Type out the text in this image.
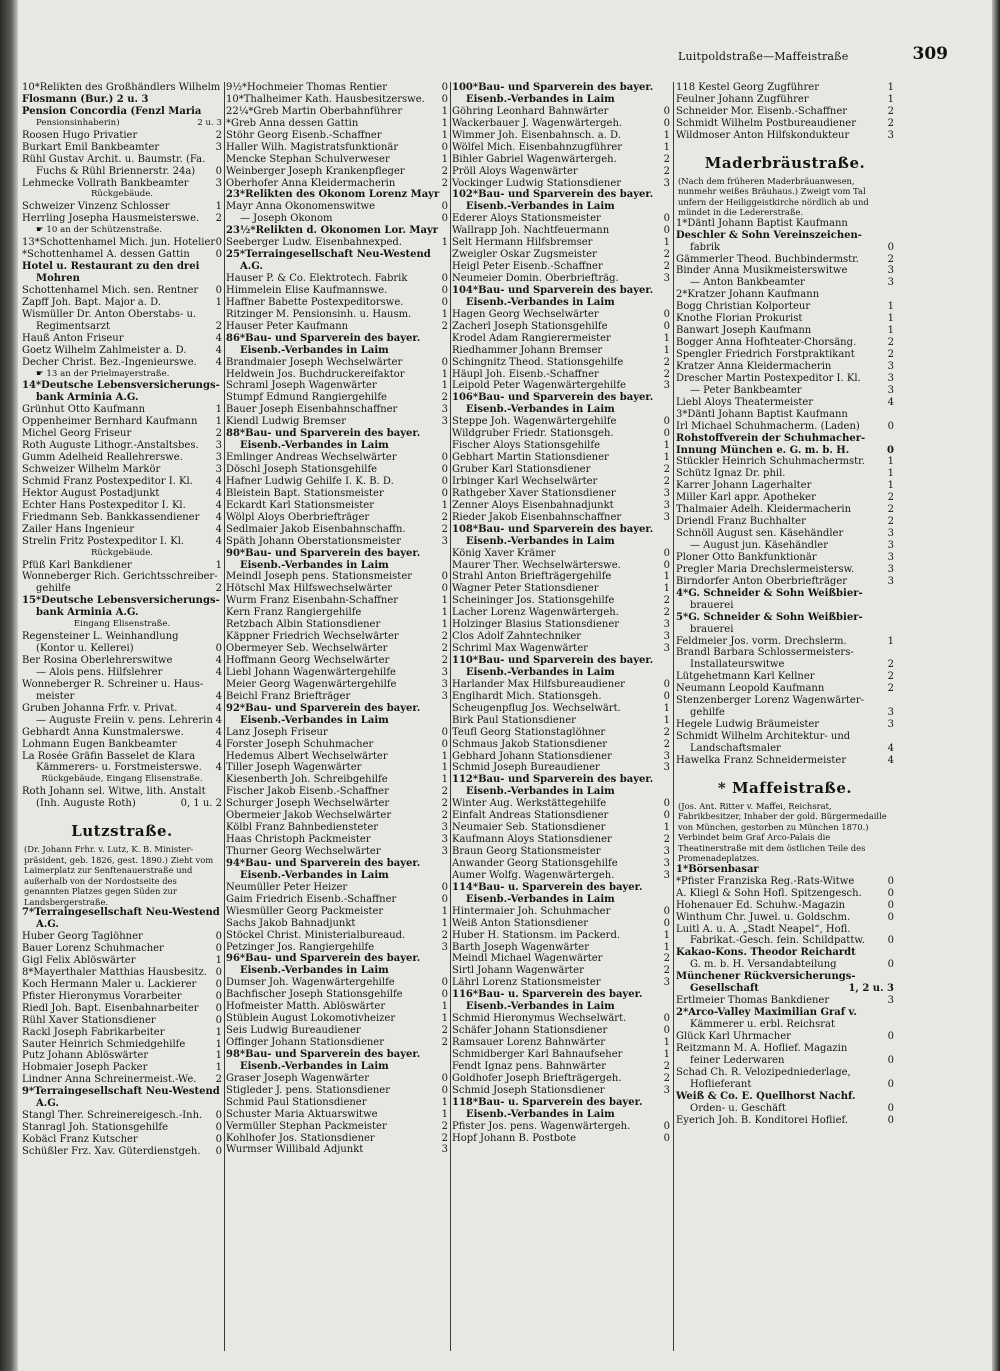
Luitpoldstraße—Maffeistraße	309
10*Relikten des Großhändlers Wilhelm
Flosmann (Bur.) 2 u. 3
Pension Concordia (Fenzl Maria
Pensionsinhaberin)	2 u. 3
Roosen Hugo Privatier	2
Burkart Emil Bankbeamter	3
Rühl Gustav Archit. u. Baumstr. (Fa.
Fuchs & Rühl Briennerstr. 24a) 0
Lehmecke Vollrath Bankbeamter	3
Rückgebäude.
Schweizer Vinzenz Schlosser	1
Herrling Josepha Hausmeisterswe. 2
☛ 10 an der Schützenstraße.
13*Schottenhamel Mich. jun. Hotelier 0
*Schottenhamel A. dessen Gattin	0
Hotel u. Restaurant zu den drei
Mohren
Schottenhamel Mich. sen. Rentner 0
Zapff Joh. Bapt. Major a. D.	1
Wismüller Dr. Anton Oberstabs- u.
Regimentsarzt	2
Hauß Anton Friseur	4
Goetz Wilhelm Zahlmeister a. D.	4
Decher Christ. Bez.-Ingenieurswe. 4
☛ 13 an der Prielmayerstraße.
14*Deutsche Lebensversicherungs-
bank Arminia A.G.
Grünhut Otto Kaufmann	1
Oppenheimer Bernhard Kaufmann 1
Michel Georg Friseur	2
Roth Auguste Lithogr.-Anstaltsbes. 3
Gumm Adelheid Reallehrerswe.	3
Schweizer Wilhelm Markör	3
Schmid Franz Postexpeditor I. Kl. 4
Hektor August Postadjunkt	4
Echter Hans Postexpeditor I. Kl.	4
Friedmann Seb. Bankkassendiener 4
Zailer Hans Ingenieur	4
Strelin Fritz Postexpeditor I. Kl.	4
Rückgebäude.
Pfüß Karl Bankdiener	1
Wonneberger Rich. Gerichtsschreiber-
gehilfe	2
15*Deutsche Lebensversicherungs-
bank Arminia A.G.
Eingang Elisenstraße.
Regensteiner L. Weinhandlung
(Kontor u. Kellerei)	0
Ber Rosina Oberlehrerswitwe	4
— Alois pens. Hilfslehrer	4
Wonneberger R. Schreiner u. Haus-
meister	4
Gruben Johanna Frfr. v. Privat.	4
— Auguste Freiin v. pens. Lehrerin 4
Gebhardt Anna Kunstmalerswe.	4
Lohmann Eugen Bankbeamter	4
La Rosée Gräfin Basselet de Klara
Kämmerers- u. Forstmeisterswe. 4
Rückgebäude, Eingang Elisenstraße.
Roth Johann sel. Witwe, lith. Anstalt
(Inh. Auguste Roth)	0, 1 u. 2
Lutzstraße.
(Dr. Johann Frhr. v. Lutz, K. B. Minister-präsident, geb. 1826, gest. 1890.) Zieht vom Laimerplatz zur Senftenauerstraße und außerhalb von der Nordostseite des genannten Platzes gegen Süden zur Landsbergerstraße.
7*Terraingesellschaft Neu-Westend
A.G.
Huber Georg Taglöhner	0
Bauer Lorenz Schuhmacher	0
Gigl Felix Ablöswärter	1
8*Mayerthaler Matthias Hausbesitz. 0
Koch Hermann Maler u. Lackierer 0
Pfister Hieronymus Vorarbeiter	0
Riedl Joh. Bapt. Eisenbahnarbeiter 0
Rühl Xaver Stationsdiener	0
Rackl Joseph Fabrikarbeiter	1
Sauter Heinrich Schmiedgehilfe	1
Putz Johann Ablöswärter	1
Hobmaier Joseph Packer	1
Lindner Anna Schreinermeist.-We. 2
9*Terraingesellschaft Neu-Westend
A.G.
Stangl Ther. Schreinereigesch.-Inh. 0
Stanragl Joh. Stationsgehilfe	0
Kobäcl Franz Kutscher	0
Schüßler Frz. Xav. Güterdienstgeh. 0
9½*Hochmeier Thomas Rentier	0
10*Thalheimer Kath. Hausbesitzerswe. 0
22¼*Greb Martin Oberbahnführer	1
*Greb Anna dessen Gattin	1
Stöhr Georg Eisenb.-Schaffner	1
Haller Wilh. Magistratsfunktionär	0
Mencke Stephan Schulverweser	1
Weinberger Joseph Krankenpfleger	2
Oberhofer Anna Kleidermacherin	2
23*Relikten des Ökonom Lorenz Mayr
Mayr Anna Ökonomenswitwe	0
— Joseph Ökonom	0
23½*Relikten d. Ökonomen Lor. Mayr
Seeberger Ludw. Eisenbahnexped.	1
25*Terraingesellschaft Neu-Westend
A.G.
Hauser P. & Co. Elektrotech. Fabrik	0
Himmelein Elise Kaufmannswe.	0
Haffner Babette Postexpeditorswe.	0
Ritzinger M. Pensionsinh. u. Hausm.	1
Hauser Peter Kaufmann	2
86*Bau- und Sparverein des bayer.
Eisenb.-Verbandes in Laim
Brandmaier Joseph Wechselwärter	0
Heldwein Jos. Buchdruckereifaktor	1
Schraml Joseph Wagenwärter	1
Stumpf Edmund Rangiergehilfe	2
Bauer Joseph Eisenbahnschaffner	3
Kiendl Ludwig Bremser	3
88*Bau- und Sparverein des bayer.
Eisenb.-Verbandes in Laim
Emlinger Andreas Wechselwärter	0
Döschl Joseph Stationsgehilfe	0
Hafner Ludwig Gehilfe I. K. B. D.	0
Bleistein Bapt. Stationsmeister	0
Eckardt Karl Stationsmeister	1
Wölpl Aloys Oberbriefträger	2
Sedlmaier Jakob Eisenbahnschaffn.	2
Späth Johann Oberstationsmeister	3
90*Bau- und Sparverein des bayer.
Eisenb.-Verbandes in Laim
Meindl Joseph pens. Stationsmeister	0
Hötschl Max Hilfswechselwärter	0
Wurm Franz Eisenbahn-Schaffner	1
Kern Franz Rangiergehilfe	1
Retzbach Albin Stationsdiener	1
Käppner Friedrich Wechselwärter	2
Obermeyer Seb. Wechselwärter	2
Hoffmann Georg Wechselwärter	2
Liebl Johann Wagenwärtergehilfe	3
Meier Georg Wagenwärtergehilfe	3
Beichl Franz Briefträger	3
92*Bau- und Sparverein des bayer.
Eisenb.-Verbandes in Laim
Lanz Joseph Friseur	0
Forster Joseph Schuhmacher	0
Hedemus Albert Wechselwärter	1
Tiller Joseph Wagenwärter	1
Kiesenberth Joh. Schreibgehilfe	1
Fischer Jakob Eisenb.-Schaffner	2
Schurger Joseph Wechselwärter	2
Obermeier Jakob Wechselwärter	2
Kölbl Franz Bahnbediensteter	3
Haas Christoph Packmeister	3
Thurner Georg Wechselwärter	3
94*Bau- und Sparverein des bayer.
Eisenb.-Verbandes in Laim
Neumüller Peter Heizer	0
Gaim Friedrich Eisenb.-Schaffner	0
Wiesmüller Georg Packmeister	1
Sachs Jakob Bahnadjunkt	1
Stöckel Christ. Ministerialbureaud.	2
Petzinger Jos. Rangiergehilfe	3
96*Bau- und Sparverein des bayer.
Eisenb.-Verbandes in Laim
Dumser Joh. Wagenwärtergehilfe	0
Bachfischer Joseph Stationsgehilfe	0
Hofmeister Matth. Ablöswärter	1
Stüblein August Lokomotivheizer	1
Seis Ludwig Bureaudiener	2
Offinger Johann Stationsdiener	2
98*Bau- und Sparverein des bayer.
Eisenb.-Verbandes in Laim
Graser Joseph Wagenwärter	0
Stigleder J. pens. Stationsdiener	0
Schmid Paul Stationsdiener	1
Schuster Maria Aktuarswitwe	1
Vermüller Stephan Packmeister	2
Kohlhofer Jos. Stationsdiener	2
Wurmser Willibald Adjunkt	3
100*Bau- und Sparverein des bayer.
Eisenb.-Verbandes in Laim
Göhring Leonhard Bahnwärter	0
Wackerbauer J. Wagenwärtergeh.	0
Wimmer Joh. Eisenbahnsch. a. D.	1
Wölfel Mich. Eisenbahnzugführer	1
Bihler Gabriel Wagenwärtergeh.	2
Pröll Aloys Wagenwärter	2
Vockinger Ludwig Stationsdiener	3
102*Bau- und Sparverein des bayer.
Eisenb.-Verbandes in Laim
Ederer Aloys Stationsmeister	0
Wallrapp Joh. Nachtfeuermann	0
Selt Hermann Hilfsbremser	1
Zweigler Oskar Zugsmeister	2
Heigl Peter Eisenb.-Schaffner	2
Neumeier Domin. Oberbriefträg.	3
104*Bau- und Sparverein des bayer.
Eisenb.-Verbandes in Laim
Hagen Georg Wechselwärter	0
Zacherl Joseph Stationsgehilfe	0
Krodel Adam Rangierermeister	1
Riedhammer Johann Bremser	1
Schingnitz Theod. Stationsgehilfe	2
Häupl Joh. Eisenb.-Schaffner	2
Leipold Peter Wagenwärtergehilfe	3
106*Bau- und Sparverein des bayer.
Eisenb.-Verbandes in Laim
Steppe Joh. Wagenwärtergehilfe	0
Wildgruber Friedr. Stationsgeh.	0
Fischer Aloys Stationsgehilfe	1
Gebhart Martin Stationsdiener	1
Gruber Karl Stationsdiener	2
Irbinger Karl Wechselwärter	2
Rathgeber Xaver Stationsdiener	3
Zenner Aloys Eisenbahnadjunkt	3
Rieder Jakob Eisenbahnschaffner	3
108*Bau- und Sparverein des bayer.
Eisenb.-Verbandes in Laim
König Xaver Krämer	0
Maurer Ther. Wechselwärterswe.	0
Strahl Anton Briefträgergehilfe	1
Wagner Peter Stationsdiener	1
Scheininger Jos. Stationsgehilfe	2
Lacher Lorenz Wagenwärtergeh.	2
Holzinger Blasius Stationsdiener	3
Clos Adolf Zahntechniker	3
Schriml Max Wagenwärter	3
110*Bau- und Sparverein des bayer.
Eisenb.-Verbandes in Laim
Harlander Max Hilfsbureaudiener	0
Englhardt Mich. Stationsgeh.	0
Scheugenpflug Jos. Wechselwärt.	1
Birk Paul Stationsdiener	1
Teufl Georg Stationstaglöhner	2
Schmaus Jakob Stationsdiener	2
Gebhard Johann Stationsdiener	3
Schmid Joseph Bureaudiener	3
112*Bau- und Sparverein des bayer.
Eisenb.-Verbandes in Laim
Winter Aug. Werkstättegehilfe	0
Einfalt Andreas Stationsdiener	0
Neumaier Seb. Stationsdiener	1
Kaufmann Aloys Stationsdiener	2
Braun Georg Stationsmeister	3
Anwander Georg Stationsgehilfe	3
Aumer Wolfg. Wagenwärtergeh.	3
114*Bau- u. Sparverein des bayer.
Eisenb.-Verbandes in Laim
Hintermaier Joh. Schuhmacher	0
Weiß Anton Stationsdiener	0
Huber H. Stationsm. im Packerd.	1
Barth Joseph Wagenwärter	1
Meindl Michael Wagenwärter	2
Sirtl Johann Wagenwärter	2
Lährl Lorenz Stationsmeister	3
116*Bau- u. Sparverein des bayer.
Eisenb.-Verbandes in Laim
Schmid Hieronymus Wechselwärt.	0
Schäfer Johann Stationsdiener	0
Ramsauer Lorenz Bahnwärter	1
Schmidberger Karl Bahnaufseher	1
Fendt Ignaz pens. Bahnwärter	2
Goldhofer Joseph Briefträgergeh.	2
Schmid Joseph Stationsdiener	3
118*Bau- u. Sparverein des bayer.
Eisenb.-Verbandes in Laim
Pfister Jos. pens. Wagenwärtergeh.	0
Hopf Johann B. Postbote	0
118 Kestel Georg Zugführer	1
Feulner Johann Zugführer	1
Schneider Mor. Eisenb.-Schaffner	2
Schmidt Wilhelm Postbureaudiener	2
Wildmoser Anton Hilfskondukteur	3
Maderbräustraße.
(Nach dem früheren Maderbräuanwesen, nunmehr weißes Bräuhaus.) Zweigt vom Tal unfern der Heiliggeistkirche nördlich ab und mündet in die Ledererstraße.
1*Däntl Johann Baptist Kaufmann
Deschler & Sohn Vereinszeichen-
fabrik	0
Gämmerler Theod. Buchbindermstr.	2
Binder Anna Musikmeisterswitwe	3
— Anton Bankbeamter	3
2*Kratzer Johann Kaufmann
Bogg Christian Kolporteur	1
Knothe Florian Prokurist	1
Banwart Joseph Kaufmann	1
Bogger Anna Hofhteater-Chorsäng.	2
Spengler Friedrich Forstpraktikant	2
Kratzer Anna Kleidermacherin	3
Drescher Martin Postexpeditor I. Kl.	3
— Peter Bankbeamter	3
Liebl Aloys Theatermeister	4
3*Däntl Johann Baptist Kaufmann
Irl Michael Schuhmacherm. (Laden)	0
Rohstoffverein der Schuhmacher-
Innung München e. G. m. b. H.	0
Stückler Heinrich Schuhmachermstr. 1
Schütz Ignaz Dr. phil.	1
Karrer Johann Lagerhalter	1
Miller Karl appr. Apotheker	2
Thalmaier Adelh. Kleidermacherin	2
Driendl Franz Buchhalter	2
Schnöll August sen. Käsehändler	3
— August jun. Käsehändler	3
Ploner Otto Bankfunktionär	3
Pregler Maria Drechslermeistersw.	3
Birndorfer Anton Oberbriefträger	3
4*G. Schneider & Sohn Weißbier-
brauerei
5*G. Schneider & Sohn Weißbier-
brauerei
Feldmeier Jos. vorm. Drechslerm.	1
Brandl Barbara Schlossermeisters-
Installateurswitwe	2
Lütgehetmann Karl Kellner	2
Neumann Leopold Kaufmann	2
Stenzenberger Lorenz Wagenwärter-
gehilfe	3
Hegele Ludwig Bräumeister	3
Schmidt Wilhelm Architektur- und
Landschaftsmaler	4
Hawelka Franz Schneidermeister	4
* Maffeistraße.
(Jos. Ant. Ritter v. Maffei, Reichsrat, Fabrikbesitzer, Inhaber der gold. Bürgermedaille von München, gestorben zu München 1870.) Verbindet beim Graf Arco-Palais die Theatinerstraße mit dem östlichen Teile des Promenadeplatzes.
1*Börsenbasar
*Pfister Franziska Reg.-Rats-Witwe	0
A. Kliegl & Sohn Hofl. Spitzengesch.	0
Hohenauer Ed. Schuhw.-Magazin	0
Winthum Chr. Juwel. u. Goldschm.	0
Luitl A. u. A. „Stadt Neapel“, Hofl.
Fabrikat.-Gesch. fein. Schildpattw. 0
Kakao-Kons. Theodor Reichardt
G. m. b. H. Versandabteilung	0
Münchener Rückversicherungs-
Gesellschaft	1, 2 u. 3
Ertlmeier Thomas Bankdiener	3
2*Arco-Valley Maximilian Graf v.
Kämmerer u. erbl. Reichsrat
Glück Karl Uhrmacher	0
Reitzmann M. A. Hoflief. Magazin
feiner Lederwaren	0
Schad Ch. R. Velozipedniederlage,
Hoflieferant	0
Weiß & Co. E. Quellhorst Nachf.
Orden- u. Geschäft	0
Eyerich Joh. B. Konditorei Hoflief.	0
